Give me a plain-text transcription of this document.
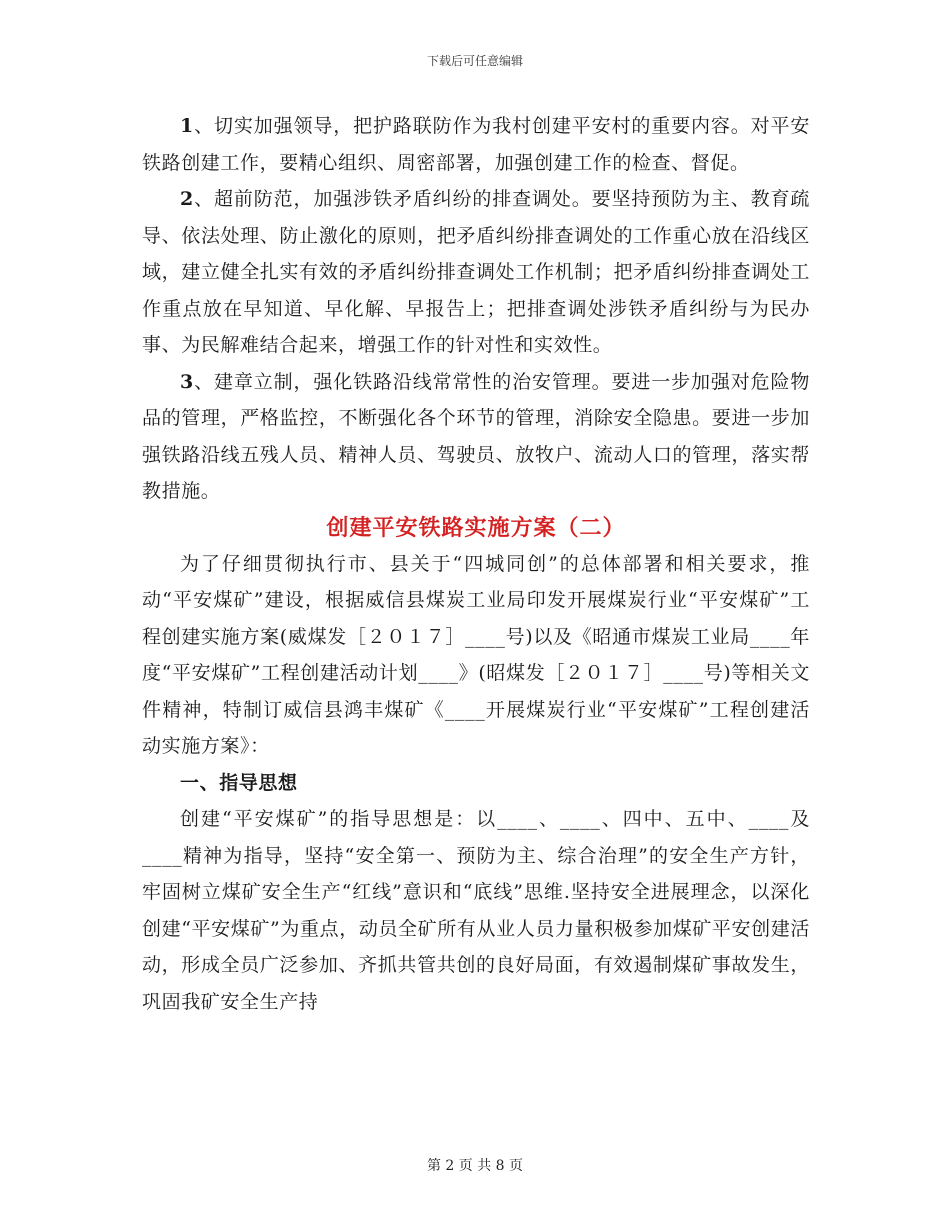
下载后可任意编辑

1、切实加强领导，把护路联防作为我村创建平安村的重要内容。对平安铁路创建工作，要精心组织、周密部署，加强创建工作的检查、督促。

2、超前防范，加强涉铁矛盾纠纷的排查调处。要坚持预防为主、教育疏导、依法处理、防止激化的原则，把矛盾纠纷排查调处的工作重心放在沿线区域，建立健全扎实有效的矛盾纠纷排查调处工作机制；把矛盾纠纷排查调处工作重点放在早知道、早化解、早报告上；把排查调处涉铁矛盾纠纷与为民办事、为民解难结合起来，增强工作的针对性和实效性。

3、建章立制，强化铁路沿线常常性的治安管理。要进一步加强对危险物品的管理，严格监控，不断强化各个环节的管理，消除安全隐患。要进一步加强铁路沿线五残人员、精神人员、驾驶员、放牧户、流动人口的管理，落实帮教措施。

创建平安铁路实施方案（二）

为了仔细贯彻执行市、县关于“四城同创”的总体部署和相关要求，推动“平安煤矿”建设，根据威信县煤炭工业局印发开展煤炭行业“平安煤矿”工程创建实施方案(威煤发［２０１７］____号)以及《昭通市煤炭工业局____年度“平安煤矿”工程创建活动计划____》(昭煤发［２０１７］____号)等相关文件精神，特制订威信县鸿丰煤矿《____开展煤炭行业“平安煤矿”工程创建活动实施方案》：

一、指导思想

创建“平安煤矿”的指导思想是：以____、____、四中、五中、____及____精神为指导，坚持“安全第一、预防为主、综合治理”的安全生产方针，牢固树立煤矿安全生产“红线”意识和“底线”思维.坚持安全进展理念，以深化创建“平安煤矿”为重点，动员全矿所有从业人员力量积极参加煤矿平安创建活动，形成全员广泛参加、齐抓共管共创的良好局面，有效遏制煤矿事故发生，巩固我矿安全生产持

第 2 页 共 8 页
